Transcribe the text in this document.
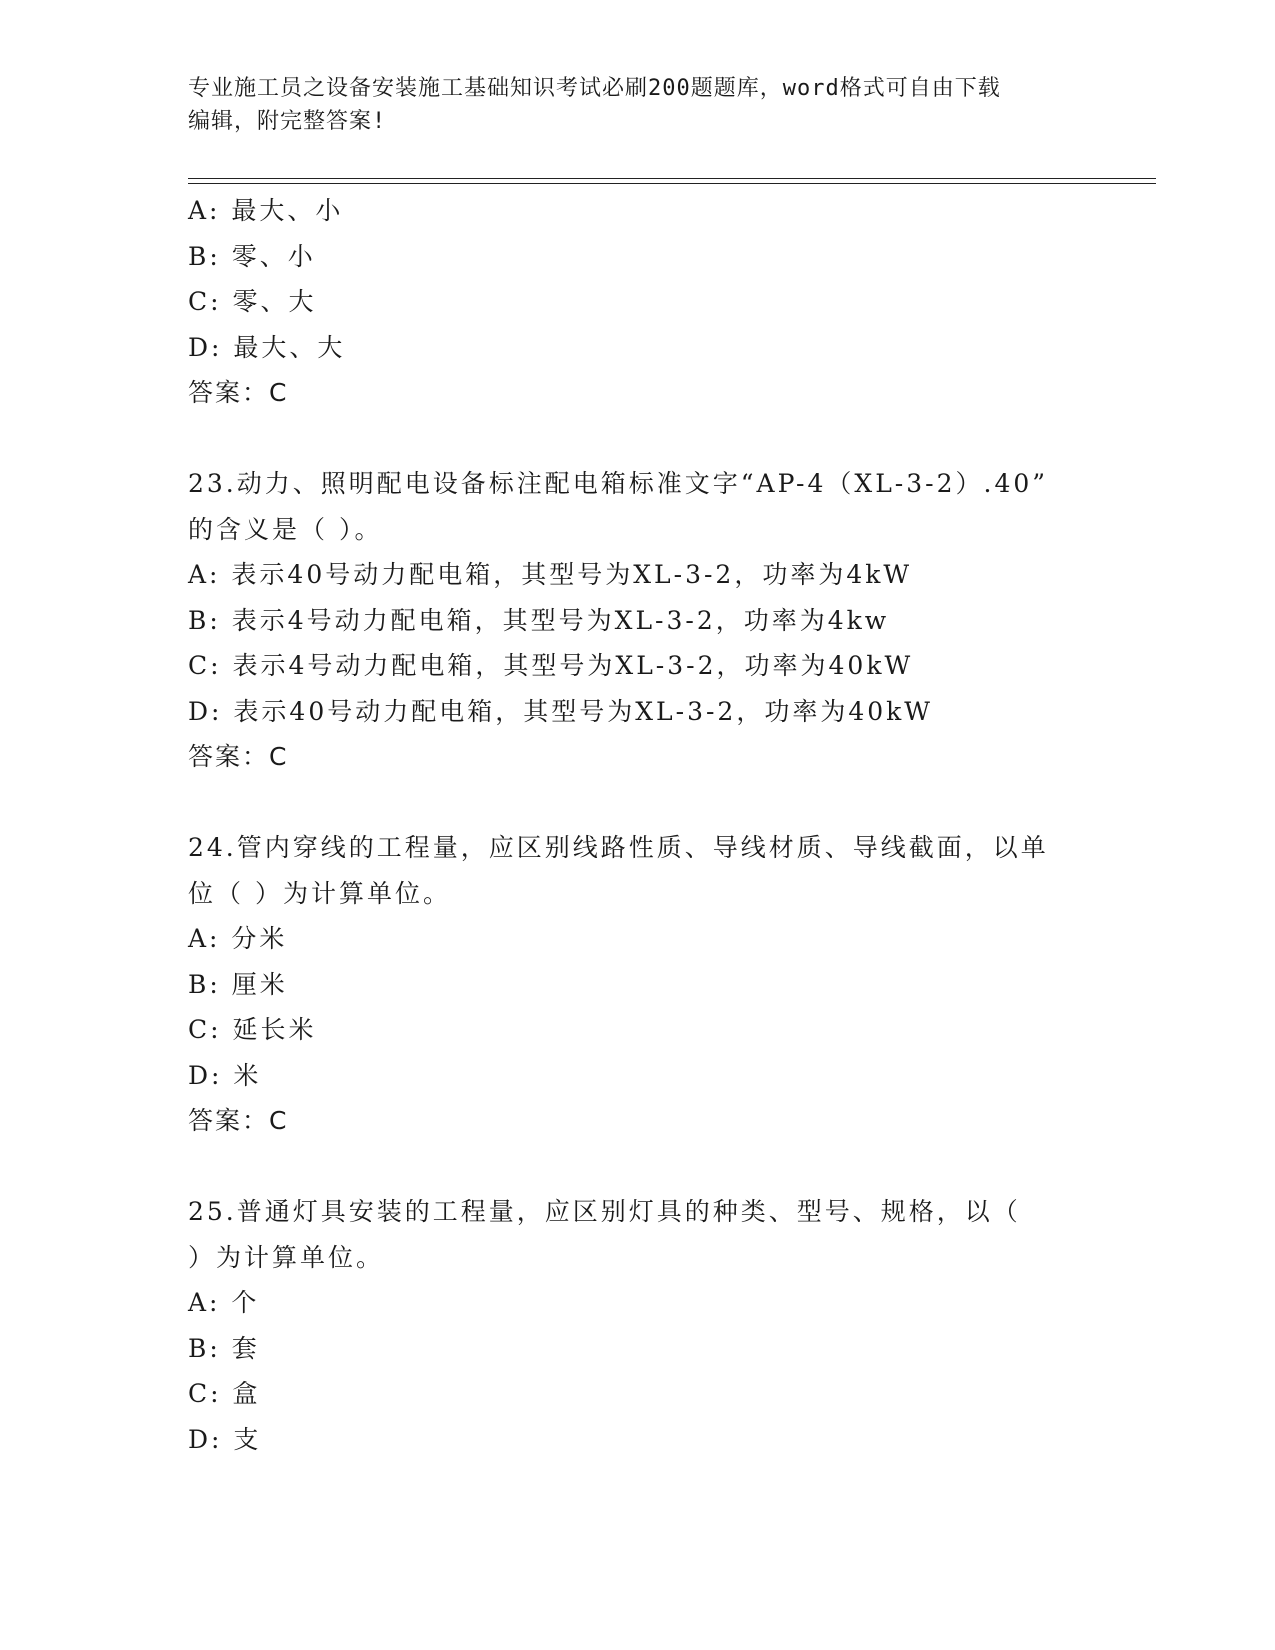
专业施工员之设备安装施工基础知识考试必刷200题题库，word格式可自由下载
编辑，附完整答案!
A: 最大、小
B: 零、小
C: 零、大
D: 最大、大
答案：C
23.动力、照明配电设备标注配电箱标准文字“AP-4（XL-3-2）.40”
的含义是（ ）。
A: 表示40号动力配电箱，其型号为XL-3-2，功率为4kW
B: 表示4号动力配电箱，其型号为XL-3-2，功率为4kw
C: 表示4号动力配电箱，其型号为XL-3-2，功率为40kW
D: 表示40号动力配电箱，其型号为XL-3-2，功率为40kW
答案：C
24.管内穿线的工程量，应区别线路性质、导线材质、导线截面，以单
位（ ）为计算单位。
A: 分米
B: 厘米
C: 延长米
D: 米
答案：C
25.普通灯具安装的工程量，应区别灯具的种类、型号、规格，以（
）为计算单位。
A: 个
B: 套
C: 盒
D: 支
